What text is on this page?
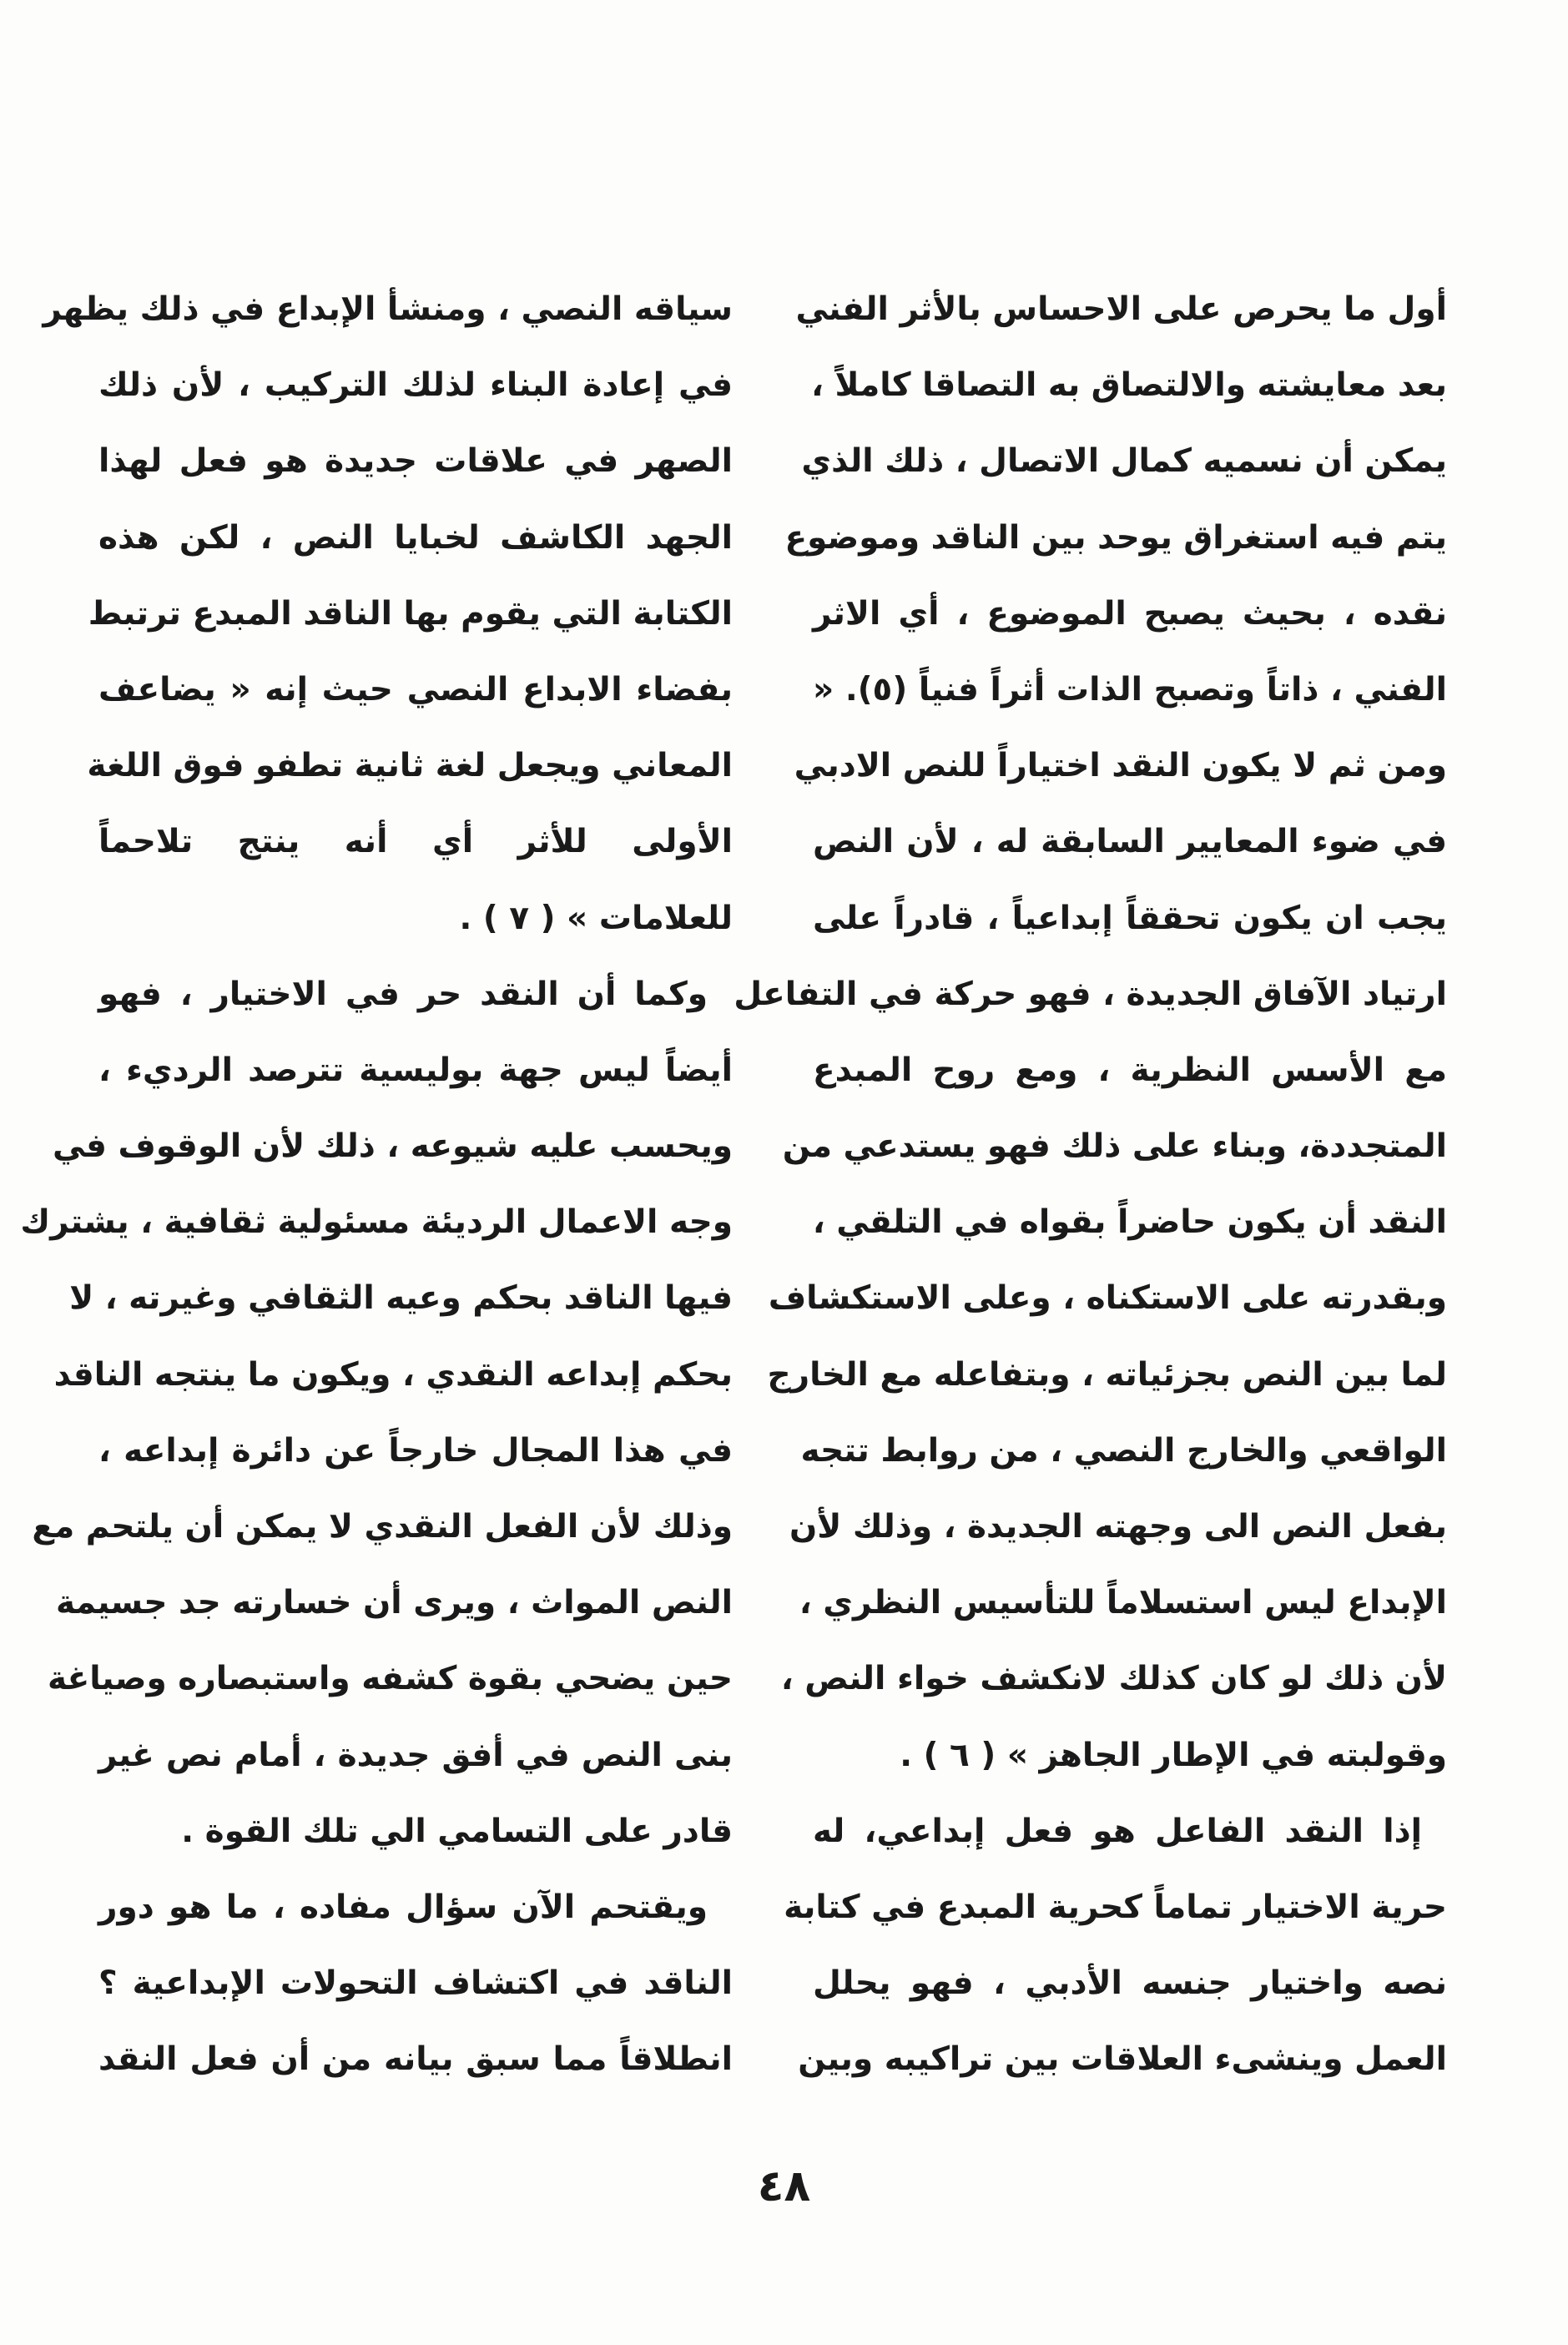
أول ما يحرص على الاحساس بالأثر الفني
بعد معايشته والالتصاق به التصاقا كاملاً ،
يمكن أن نسميه كمال الاتصال ، ذلك الذي
يتم فيه استغراق يوحد بين الناقد وموضوع
نقده ، بحيث يصبح الموضوع ، أي الاثر
الفني ، ذاتاً وتصبح الذات أثراً فنياً (٥). «
ومن ثم لا يكون النقد اختياراً للنص الادبي
في ضوء المعايير السابقة له ، لأن النص
يجب ان يكون تحققاً إبداعياً ، قادراً على
ارتياد الآفاق الجديدة ، فهو حركة في التفاعل
مع الأسس النظرية ، ومع روح المبدع
المتجددة، وبناء على ذلك فهو يستدعي من
النقد أن يكون حاضراً بقواه في التلقي ،
وبقدرته على الاستكناه ، وعلى الاستكشاف
لما بين النص بجزئياته ، وبتفاعله مع الخارج
الواقعي والخارج النصي ، من روابط تتجه
بفعل النص الى وجهته الجديدة ، وذلك لأن
الإبداع ليس استسلاماً للتأسيس النظري ،
لأن ذلك لو كان كذلك لانكشف خواء النص ،
وقولبته في الإطار الجاهز » ( ٦ ) .
إذا النقد الفاعل هو فعل إبداعي، له
حرية الاختيار تماماً كحرية المبدع في كتابة
نصه واختيار جنسه الأدبي ، فهو يحلل
العمل وينشىء العلاقات بين تراكيبه وبين
سياقه النصي ، ومنشأ الإبداع في ذلك يظهر
في إعادة البناء لذلك التركيب ، لأن ذلك
الصهر في علاقات جديدة هو فعل لهذا
الجهد الكاشف لخبايا النص ، لكن هذه
الكتابة التي يقوم بها الناقد المبدع ترتبط
بفضاء الابداع النصي حيث إنه « يضاعف
المعاني ويجعل لغة ثانية تطفو فوق اللغة
الأولى للأثر أي أنه ينتج تلاحماً
للعلامات » ( ٧ ) .
وكما أن النقد حر في الاختيار ، فهو
أيضاً ليس جهة بوليسية تترصد الرديء ،
ويحسب عليه شيوعه ، ذلك لأن الوقوف في
وجه الاعمال الرديئة مسئولية ثقافية ، يشترك
فيها الناقد بحكم وعيه الثقافي وغيرته ، لا
بحكم إبداعه النقدي ، ويكون ما ينتجه الناقد
في هذا المجال خارجاً عن دائرة إبداعه ،
وذلك لأن الفعل النقدي لا يمكن أن يلتحم مع
النص المواث ، ويرى أن خسارته جد جسيمة
حين يضحي بقوة كشفه واستبصاره وصياغة
بنى النص في أفق جديدة ، أمام نص غير
قادر على التسامي الي تلك القوة .
ويقتحم الآن سؤال مفاده ، ما هو دور
الناقد في اكتشاف التحولات الإبداعية ؟
انطلاقاً مما سبق بيانه من أن فعل النقد
٤٨
